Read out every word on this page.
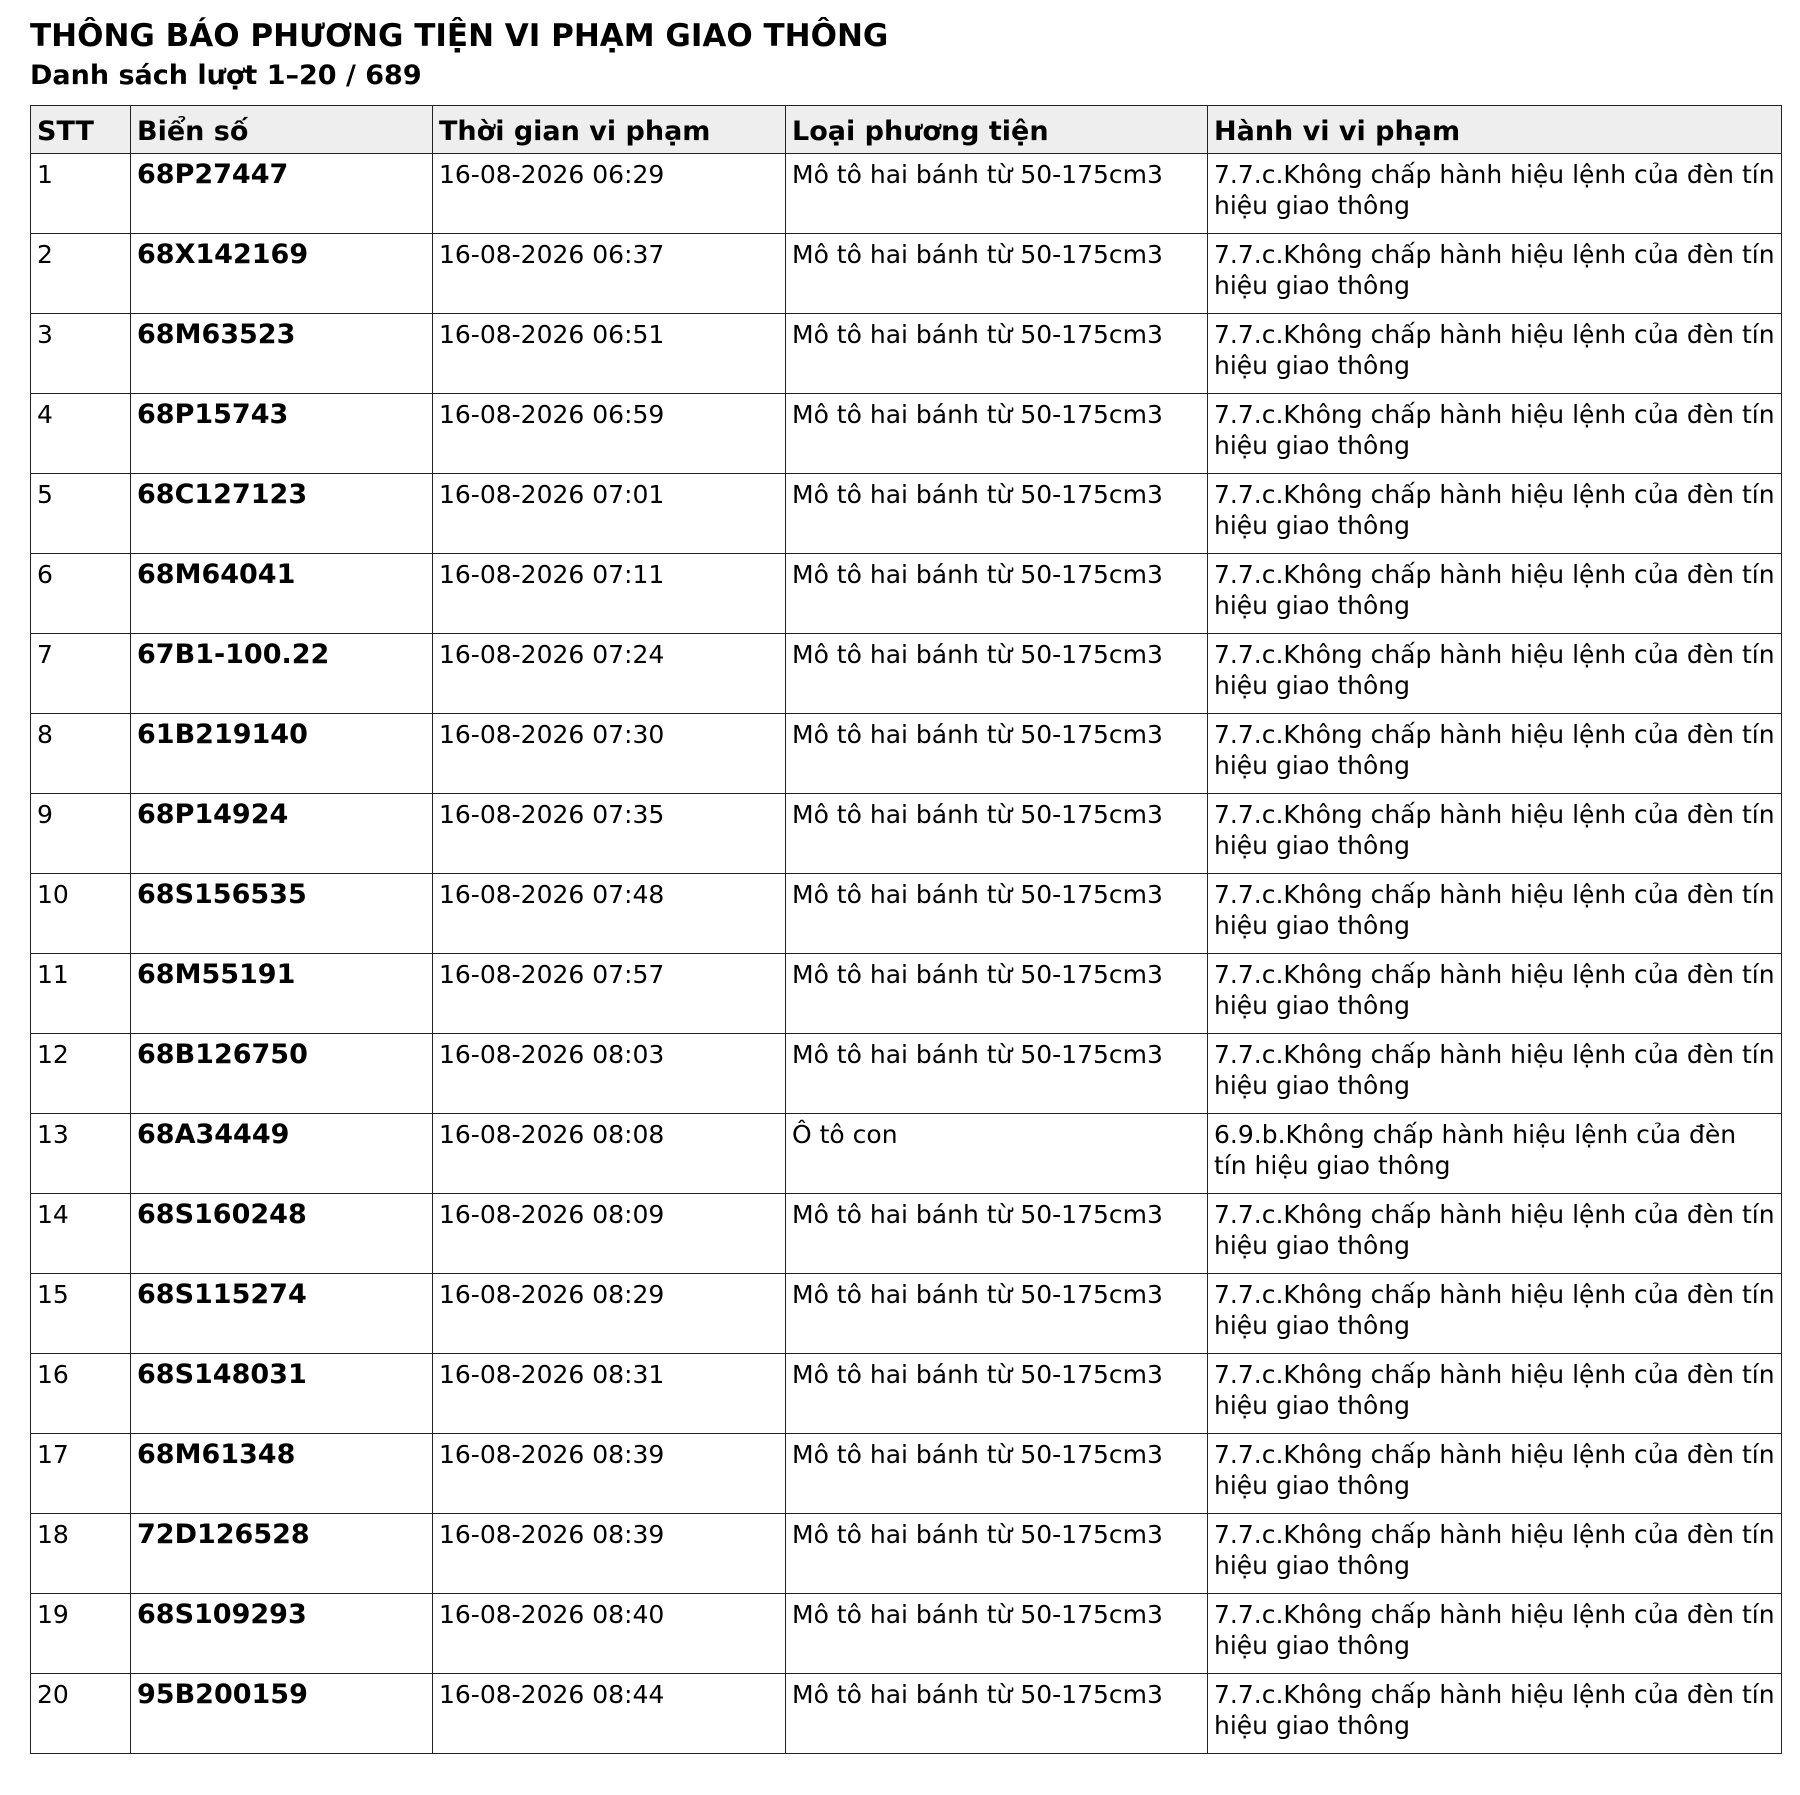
THÔNG BÁO PHƯƠNG TIỆN VI PHẠM GIAO THÔNG
Danh sách lượt 1–20 / 689
STT	Biển số	Thời gian vi phạm	Loại phương tiện	Hành vi vi phạm
1	68P27447	16-08-2026 06:29	Mô tô hai bánh từ 50-175cm3	7.7.c.Không chấp hành hiệu lệnh của đèn tín hiệu giao thông
2	68X142169	16-08-2026 06:37	Mô tô hai bánh từ 50-175cm3	7.7.c.Không chấp hành hiệu lệnh của đèn tín hiệu giao thông
3	68M63523	16-08-2026 06:51	Mô tô hai bánh từ 50-175cm3	7.7.c.Không chấp hành hiệu lệnh của đèn tín hiệu giao thông
4	68P15743	16-08-2026 06:59	Mô tô hai bánh từ 50-175cm3	7.7.c.Không chấp hành hiệu lệnh của đèn tín hiệu giao thông
5	68C127123	16-08-2026 07:01	Mô tô hai bánh từ 50-175cm3	7.7.c.Không chấp hành hiệu lệnh của đèn tín hiệu giao thông
6	68M64041	16-08-2026 07:11	Mô tô hai bánh từ 50-175cm3	7.7.c.Không chấp hành hiệu lệnh của đèn tín hiệu giao thông
7	67B1-100.22	16-08-2026 07:24	Mô tô hai bánh từ 50-175cm3	7.7.c.Không chấp hành hiệu lệnh của đèn tín hiệu giao thông
8	61B219140	16-08-2026 07:30	Mô tô hai bánh từ 50-175cm3	7.7.c.Không chấp hành hiệu lệnh của đèn tín hiệu giao thông
9	68P14924	16-08-2026 07:35	Mô tô hai bánh từ 50-175cm3	7.7.c.Không chấp hành hiệu lệnh của đèn tín hiệu giao thông
10	68S156535	16-08-2026 07:48	Mô tô hai bánh từ 50-175cm3	7.7.c.Không chấp hành hiệu lệnh của đèn tín hiệu giao thông
11	68M55191	16-08-2026 07:57	Mô tô hai bánh từ 50-175cm3	7.7.c.Không chấp hành hiệu lệnh của đèn tín hiệu giao thông
12	68B126750	16-08-2026 08:03	Mô tô hai bánh từ 50-175cm3	7.7.c.Không chấp hành hiệu lệnh của đèn tín hiệu giao thông
13	68A34449	16-08-2026 08:08	Ô tô con	6.9.b.Không chấp hành hiệu lệnh của đèn tín hiệu giao thông
14	68S160248	16-08-2026 08:09	Mô tô hai bánh từ 50-175cm3	7.7.c.Không chấp hành hiệu lệnh của đèn tín hiệu giao thông
15	68S115274	16-08-2026 08:29	Mô tô hai bánh từ 50-175cm3	7.7.c.Không chấp hành hiệu lệnh của đèn tín hiệu giao thông
16	68S148031	16-08-2026 08:31	Mô tô hai bánh từ 50-175cm3	7.7.c.Không chấp hành hiệu lệnh của đèn tín hiệu giao thông
17	68M61348	16-08-2026 08:39	Mô tô hai bánh từ 50-175cm3	7.7.c.Không chấp hành hiệu lệnh của đèn tín hiệu giao thông
18	72D126528	16-08-2026 08:39	Mô tô hai bánh từ 50-175cm3	7.7.c.Không chấp hành hiệu lệnh của đèn tín hiệu giao thông
19	68S109293	16-08-2026 08:40	Mô tô hai bánh từ 50-175cm3	7.7.c.Không chấp hành hiệu lệnh của đèn tín hiệu giao thông
20	95B200159	16-08-2026 08:44	Mô tô hai bánh từ 50-175cm3	7.7.c.Không chấp hành hiệu lệnh của đèn tín hiệu giao thông
